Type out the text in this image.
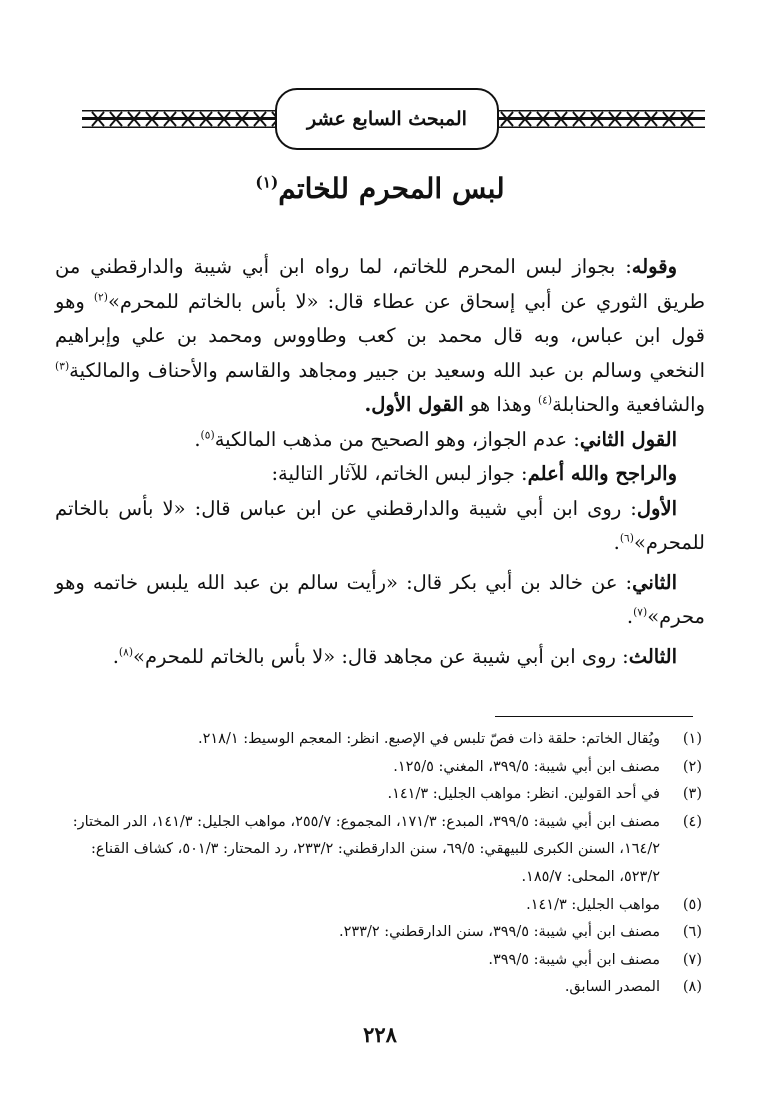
المبحث السابع عشر
لبس المحرم للخاتم$^{(١)}$

وقوله: بجواز لبس المحرم للخاتم، لما رواه ابن أبي شيبة والدارقطني من طريق الثوري عن أبي إسحاق عن عطاء قال: «لا بأس بالخاتم للمحرم»$^{(٢)}$ وهو قول ابن عباس، وبه قال محمد بن كعب وطاووس ومحمد بن علي وإبراهيم النخعي وسالم بن عبد الله وسعيد بن جبير ومجاهد والقاسم والأحناف والمالكية$^{(٣)}$ والشافعية والحنابلة$^{(٤)}$ وهذا هو القول الأول.

القول الثاني: عدم الجواز، وهو الصحيح من مذهب المالكية$^{(٥)}$.

والراجح والله أعلم: جواز لبس الخاتم، للآثار التالية:

الأول: روى ابن أبي شيبة والدارقطني عن ابن عباس قال: «لا بأس بالخاتم للمحرم»$^{(٦)}$.

الثاني: عن خالد بن أبي بكر قال: «رأيت سالم بن عبد الله يلبس خاتمه وهو محرم»$^{(٧)}$.

الثالث: روى ابن أبي شيبة عن مجاهد قال: «لا بأس بالخاتم للمحرم»$^{(٨)}$.

(١)
ويُقال الخاتم: حلقة ذات فصّ تلبس في الإصبع. انظر: المعجم الوسيط: ٢١٨/١.
(٢)
مصنف ابن أبي شيبة: ٣٩٩/٥، المغني: ١٢٥/٥.
(٣)
في أحد القولين. انظر: مواهب الجليل: ١٤١/٣.
(٤)
مصنف ابن أبي شيبة: ٣٩٩/٥، المبدع: ١٧١/٣، المجموع: ٢٥٥/٧، مواهب الجليل: ١٤١/٣، الدر المختار: ١٦٤/٢، السنن الكبرى للبيهقي: ٦٩/٥، سنن الدارقطني: ٢٣٣/٢، رد المحتار: ٥٠١/٣، كشاف القناع: ٥٢٣/٢، المحلى: ١٨٥/٧.
(٥)
مواهب الجليل: ١٤١/٣.
(٦)
مصنف ابن أبي شيبة: ٣٩٩/٥، سنن الدارقطني: ٢٣٣/٢.
(٧)
مصنف ابن أبي شيبة: ٣٩٩/٥.
(٨)
المصدر السابق.
٢٢٨
